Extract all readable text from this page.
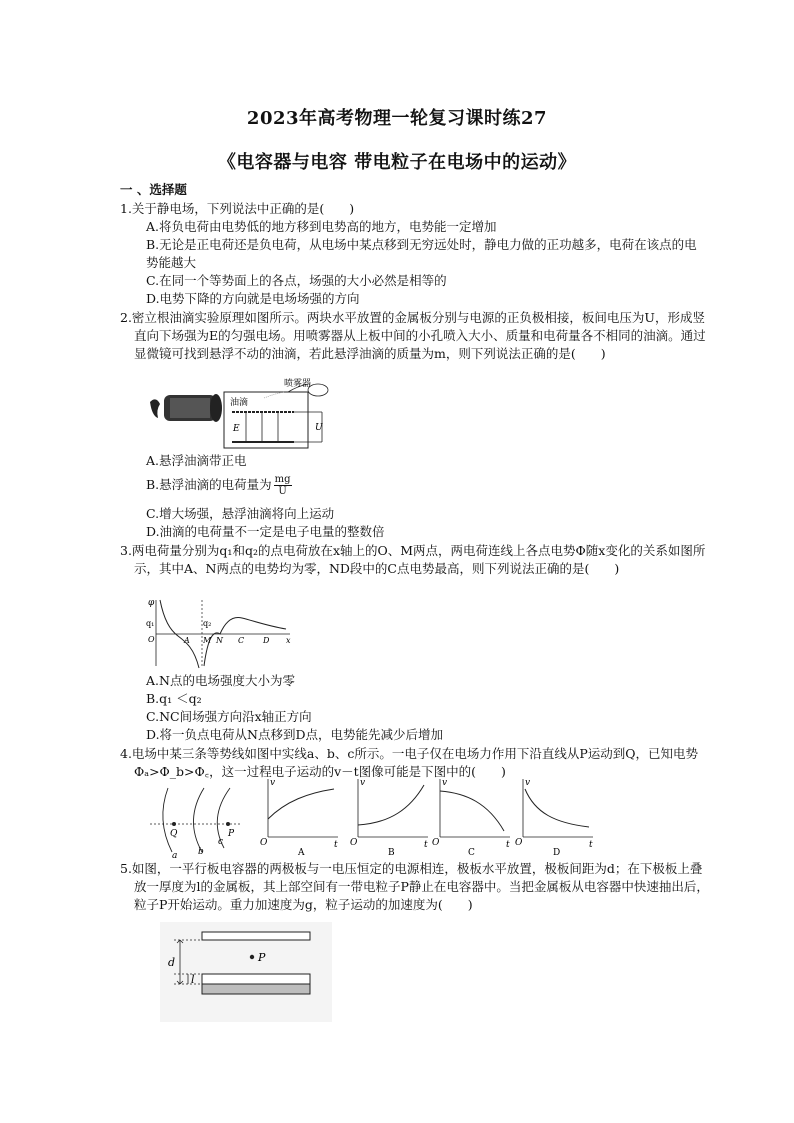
2023年高考物理一轮复习课时练27
《电容器与电容 带电粒子在电场中的运动》
一 、选择题
1.关于静电场，下列说法中正确的是(　　)
A.将负电荷由电势低的地方移到电势高的地方，电势能一定增加
B.无论是正电荷还是负电荷，从电场中某点移到无穷远处时，静电力做的正功越多，电荷在该点的电势能越大
C.在同一个等势面上的各点，场强的大小必然是相等的
D.电势下降的方向就是电场场强的方向
2.密立根油滴实验原理如图所示。两块水平放置的金属板分别与电源的正负极相接，板间电压为U，形成竖直向下场强为E的匀强电场。用喷雾器从上板中间的小孔喷入大小、质量和电荷量各不相同的油滴。通过显微镜可找到悬浮不动的油滴，若此悬浮油滴的质量为m，则下列说法正确的是(　　)
喷雾器
油滴
E	U
A.悬浮油滴带正电
B.悬浮油滴的电荷量为 $\frac{mg}{U}$
C.增大场强，悬浮油滴将向上运动
D.油滴的电荷量不一定是电子电量的整数倍
3.两电荷量分别为q₁和q₂的点电荷放在x轴上的O、M两点，两电荷连线上各点电势Φ随x变化的关系如图所示，其中A、N两点的电势均为零，ND段中的C点电势最高，则下列说法正确的是(　　)
φ
q₁	q₂
O	A M N C D x
A.N点的电场强度大小为零
B.q₁ ＜q₂
C.NC间场强方向沿x轴正方向
D.将一负点电荷从N点移到D点，电势能先减少后增加
4.电场中某三条等势线如图中实线a、b、c所示。一电子仅在电场力作用下沿直线从P运动到Q，已知电势Φₐ>Φ_b>Φ꜀，这一过程电子运动的v－t图像可能是下图中的(　　)
Q	P
a b
c
v
O	t
A
v
O	t
B
v
O	t
C
v
O	t
D
5.如图，一平行板电容器的两极板与一电压恒定的电源相连，极板水平放置，极板间距为d；在下极板上叠放一厚度为l的金属板，其上部空间有一带电粒子P静止在电容器中。当把金属板从电容器中快速抽出后，粒子P开始运动。重力加速度为g，粒子运动的加速度为(　　)
d
l
P
